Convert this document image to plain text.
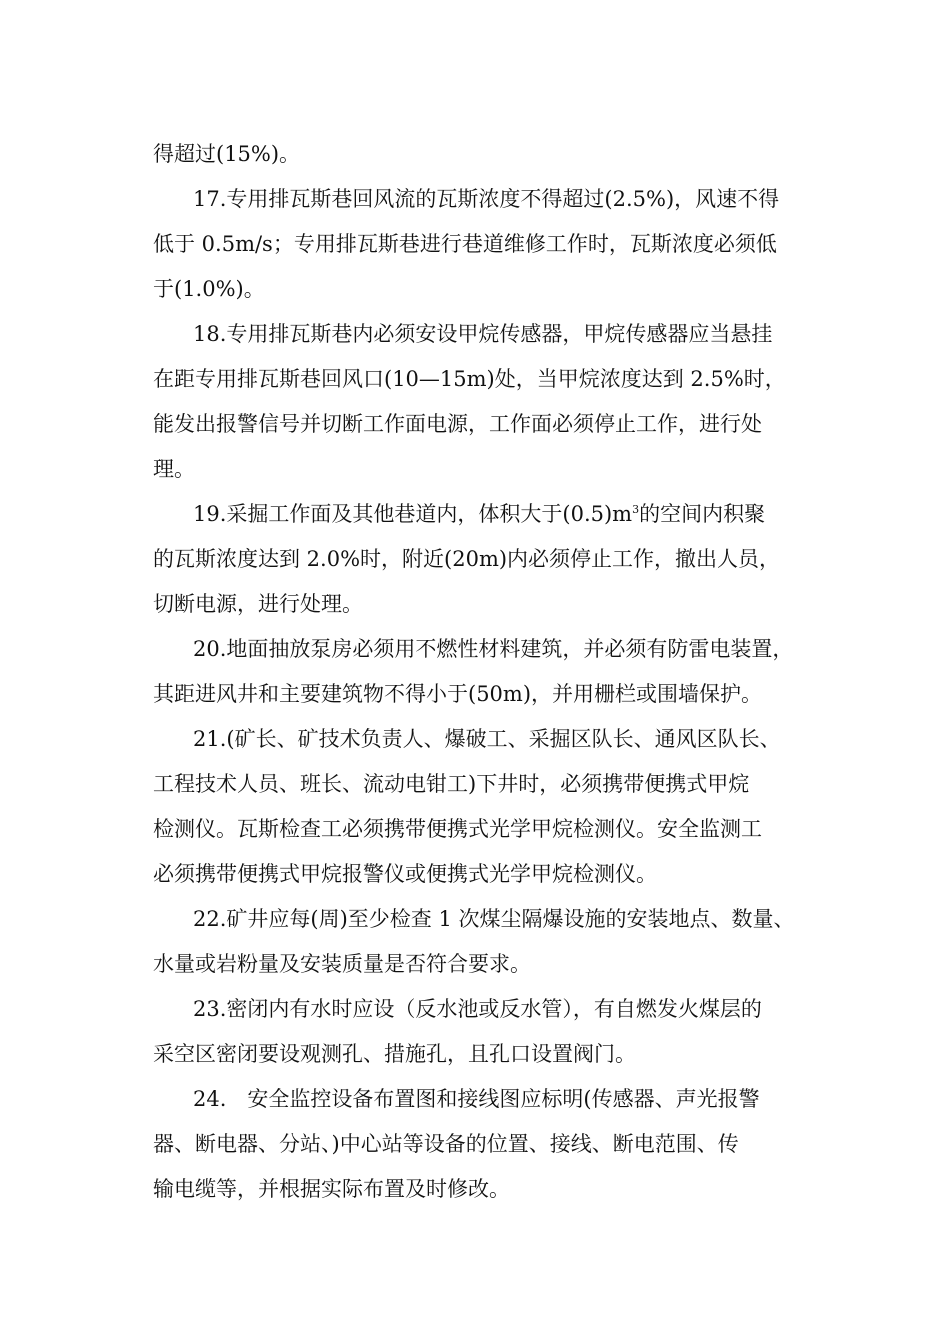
得超过(15%)。
17.专用排瓦斯巷回风流的瓦斯浓度不得超过(2.5%)，风速不得
低于 0.5m/s；专用排瓦斯巷进行巷道维修工作时，瓦斯浓度必须低
于(1.0%)。
18.专用排瓦斯巷内必须安设甲烷传感器，甲烷传感器应当悬挂
在距专用排瓦斯巷回风口(10—15m)处，当甲烷浓度达到 2.5%时，
能发出报警信号并切断工作面电源，工作面必须停止工作，进行处
理。
19.采掘工作面及其他巷道内，体积大于$(0.5)m^3$的空间内积聚
的瓦斯浓度达到 2.0%时，附近(20m)内必须停止工作，撤出人员，
切断电源，进行处理。
20.地面抽放泵房必须用不燃性材料建筑，并必须有防雷电装置，
其距进风井和主要建筑物不得小于(50m)，并用栅栏或围墙保护。
21.(矿长、矿技术负责人、爆破工、采掘区队长、通风区队长、
工程技术人员、班长、流动电钳工)下井时，必须携带便携式甲烷
检测仪。瓦斯检查工必须携带便携式光学甲烷检测仪。安全监测工
必须携带便携式甲烷报警仪或便携式光学甲烷检测仪。
22.矿井应每(周)至少检查 1 次煤尘隔爆设施的安装地点、数量、
水量或岩粉量及安装质量是否符合要求。
23.密闭内有水时应设（反水池或反水管），有自燃发火煤层的
采空区密闭要设观测孔、措施孔，且孔口设置阀门。
24.　安全监控设备布置图和接线图应标明(传感器、声光报警
器、断电器、分站、)中心站等设备的位置、接线、断电范围、传
输电缆等，并根据实际布置及时修改。
